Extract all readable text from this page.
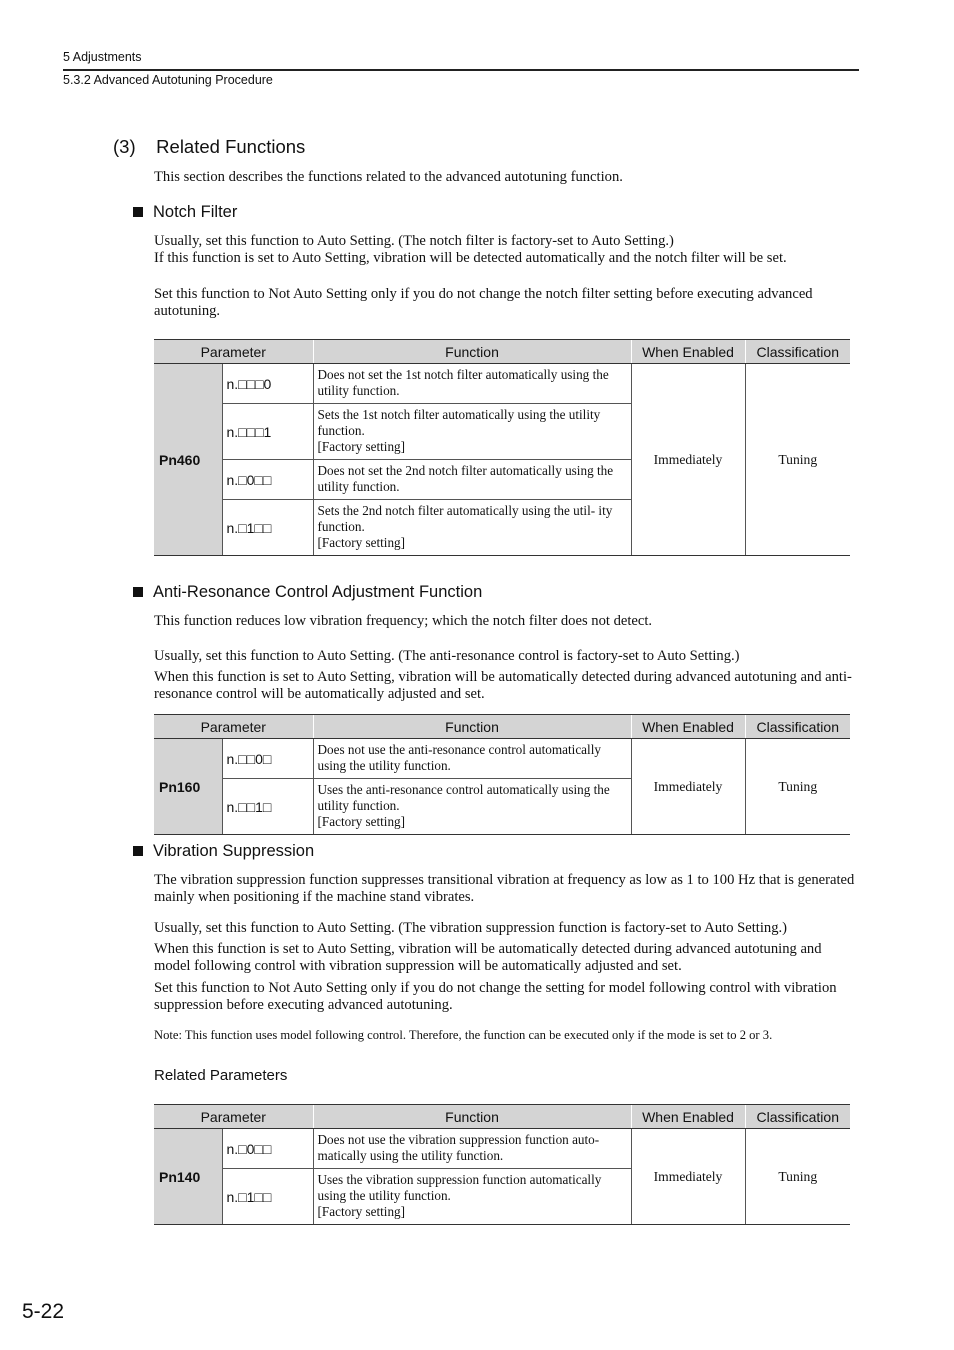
5 Adjustments
5.3.2 Advanced Autotuning Procedure
(3)    Related Functions
This section describes the functions related to the advanced autotuning function.
Notch Filter
Usually, set this function to Auto Setting. (The notch filter is factory-set to Auto Setting.)
If this function is set to Auto Setting, vibration will be detected automatically and the notch filter will be set.
Set this function to Not Auto Setting only if you do not change the notch filter setting before executing advanced autotuning.
Parameter		Function	When Enabled	Classification
Pn460	n.□□□0	Does not set the 1st notch filter automatically using the utility function.	Immediately	Tuning
	n.□□□1	Sets the 1st notch filter automatically using the utility function.
[Factory setting]		

	n.□0□□	Does not set the 2nd notch filter automatically using the utility function.		

	n.□1□□	Sets the 2nd notch filter automatically using the util- ity function.
[Factory setting]		
Anti-Resonance Control Adjustment Function
This function reduces low vibration frequency; which the notch filter does not detect.
Usually, set this function to Auto Setting. (The anti-resonance control is factory-set to Auto Setting.)
When this function is set to Auto Setting, vibration will be automatically detected during advanced autotuning and anti-resonance control will be automatically adjusted and set.
Parameter		Function	When Enabled	Classification
Pn160	n.□□0□	Does not use the anti-resonance control automatically using the utility function.	Immediately	Tuning
	n.□□1□	Uses the anti-resonance control automatically using the utility function.
[Factory setting]		
Vibration Suppression
The vibration suppression function suppresses transitional vibration at frequency as low as 1 to 100 Hz that is generated mainly when positioning if the machine stand vibrates.
Usually, set this function to Auto Setting. (The vibration suppression function is factory-set to Auto Setting.)
When this function is set to Auto Setting, vibration will be automatically detected during advanced autotuning and model following control with vibration suppression will be automatically adjusted and set.
Set this function to Not Auto Setting only if you do not change the setting for model following control with vibration suppression before executing advanced autotuning.
Note: This function uses model following control. Therefore, the function can be executed only if the mode is set to 2 or 3.
Related Parameters
Parameter		Function	When Enabled	Classification
Pn140	n.□0□□	Does not use the vibration suppression function auto- matically using the utility function.	Immediately	Tuning
	n.□1□□	Uses the vibration suppression function automatically using the utility function.
[Factory setting]		
5-22
